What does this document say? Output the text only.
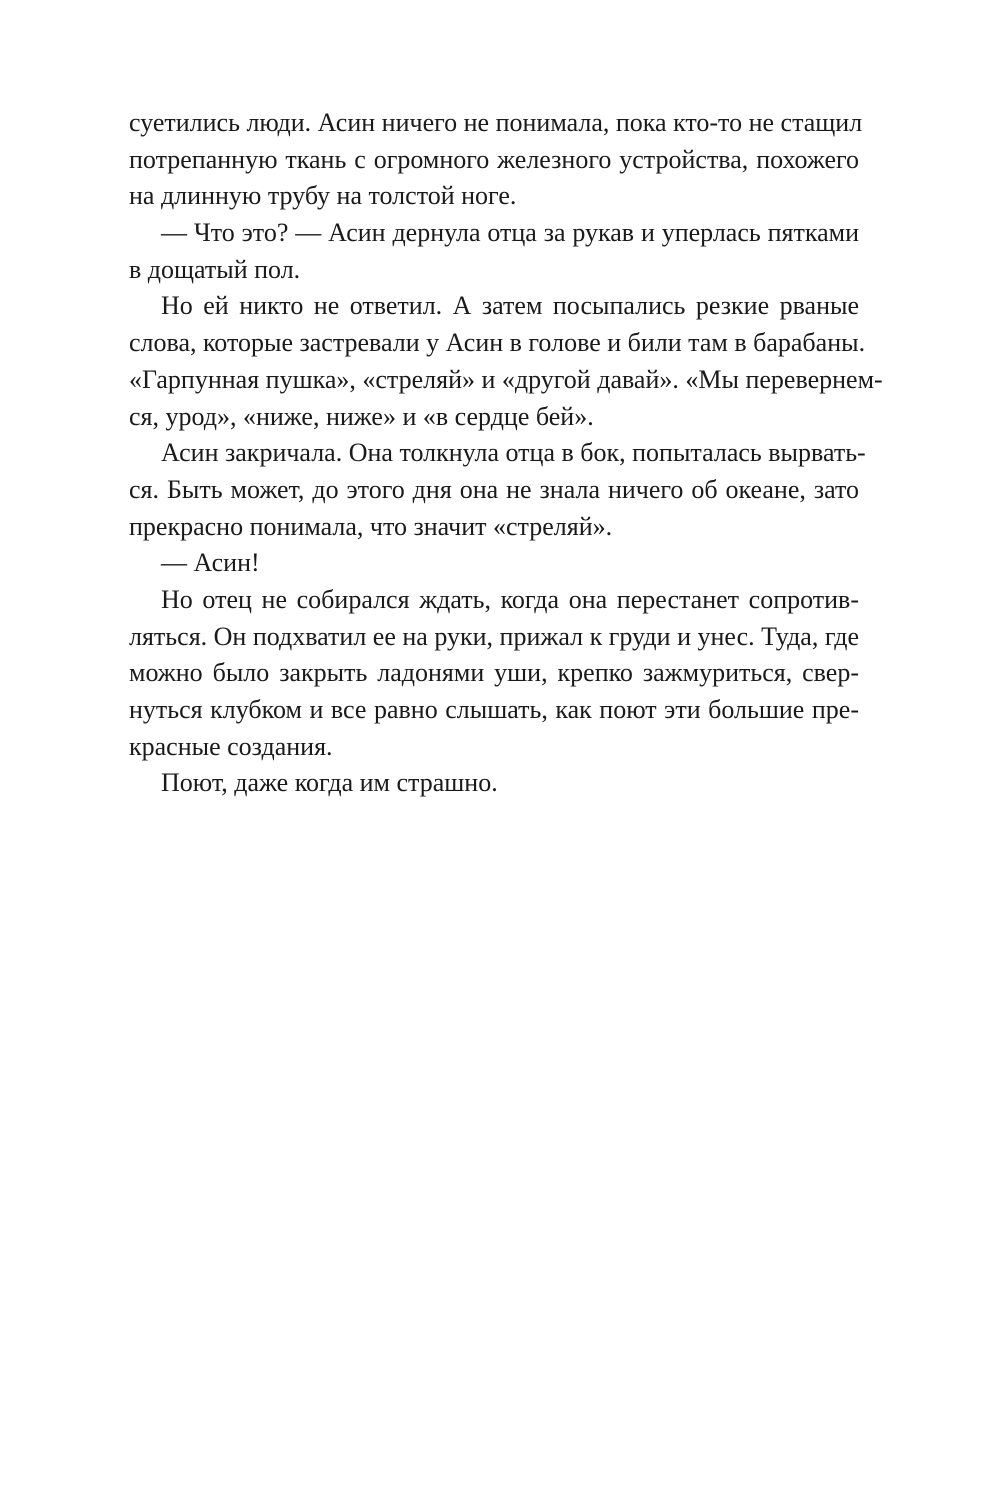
суетились люди. Асин ничего не понимала, пока кто-то не стащил
потрепанную ткань с огромного железного устройства, похожего
на длинную трубу на толстой ноге.
— Что это? — Асин дернула отца за рукав и уперлась пятками
в дощатый пол.
Но ей никто не ответил. А затем посыпались резкие рваные
слова, которые застревали у Асин в голове и били там в барабаны.
«Гарпунная пушка», «стреляй» и «другой давай». «Мы перевернем-
ся, урод», «ниже, ниже» и «в сердце бей».
Асин закричала. Она толкнула отца в бок, попыталась вырвать-
ся. Быть может, до этого дня она не знала ничего об океане, зато
прекрасно понимала, что значит «стреляй».
— Асин!
Но отец не собирался ждать, когда она перестанет сопротив-
ляться. Он подхватил ее на руки, прижал к груди и унес. Туда, где
можно было закрыть ладонями уши, крепко зажмуриться, свер-
нуться клубком и все равно слышать, как поют эти большие пре-
красные создания.
Поют, даже когда им страшно.
